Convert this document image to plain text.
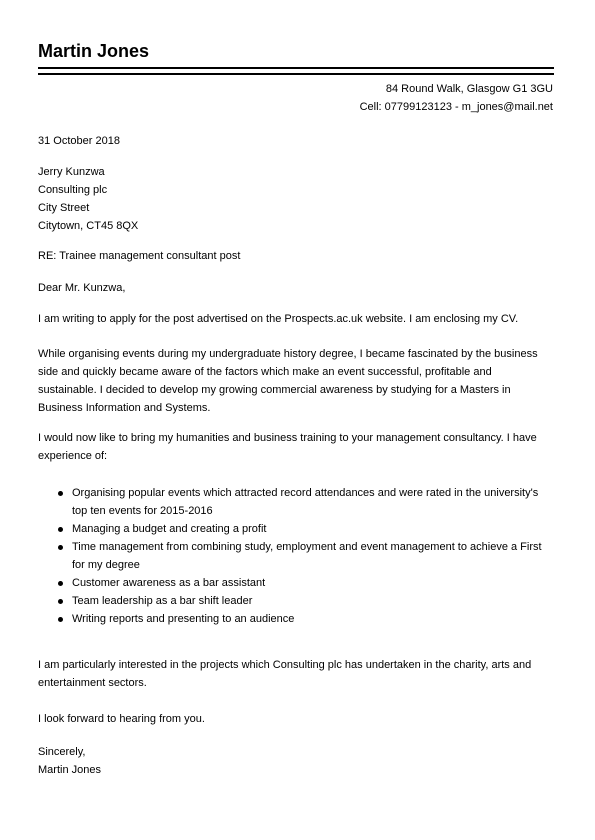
Martin Jones
84 Round Walk, Glasgow G1 3GU
Cell: 07799123123 - m_jones@mail.net
31 October 2018
Jerry Kunzwa
Consulting plc
City Street
Citytown, CT45 8QX
RE: Trainee management consultant post
Dear Mr. Kunzwa,
I am writing to apply for the post advertised on the Prospects.ac.uk website. I am enclosing my CV.
While organising events during my undergraduate history degree, I became fascinated by the business
side and quickly became aware of the factors which make an event successful, profitable and
sustainable. I decided to develop my growing commercial awareness by studying for a Masters in
Business Information and Systems.
I would now like to bring my humanities and business training to your management consultancy. I have
experience of:
Organising popular events which attracted record attendances and were rated in the university's
top ten events for 2015-2016
Managing a budget and creating a profit
Time management from combining study, employment and event management to achieve a First
for my degree
Customer awareness as a bar assistant
Team leadership as a bar shift leader
Writing reports and presenting to an audience
I am particularly interested in the projects which Consulting plc has undertaken in the charity, arts and
entertainment sectors.
I look forward to hearing from you.
Sincerely,
Martin Jones
